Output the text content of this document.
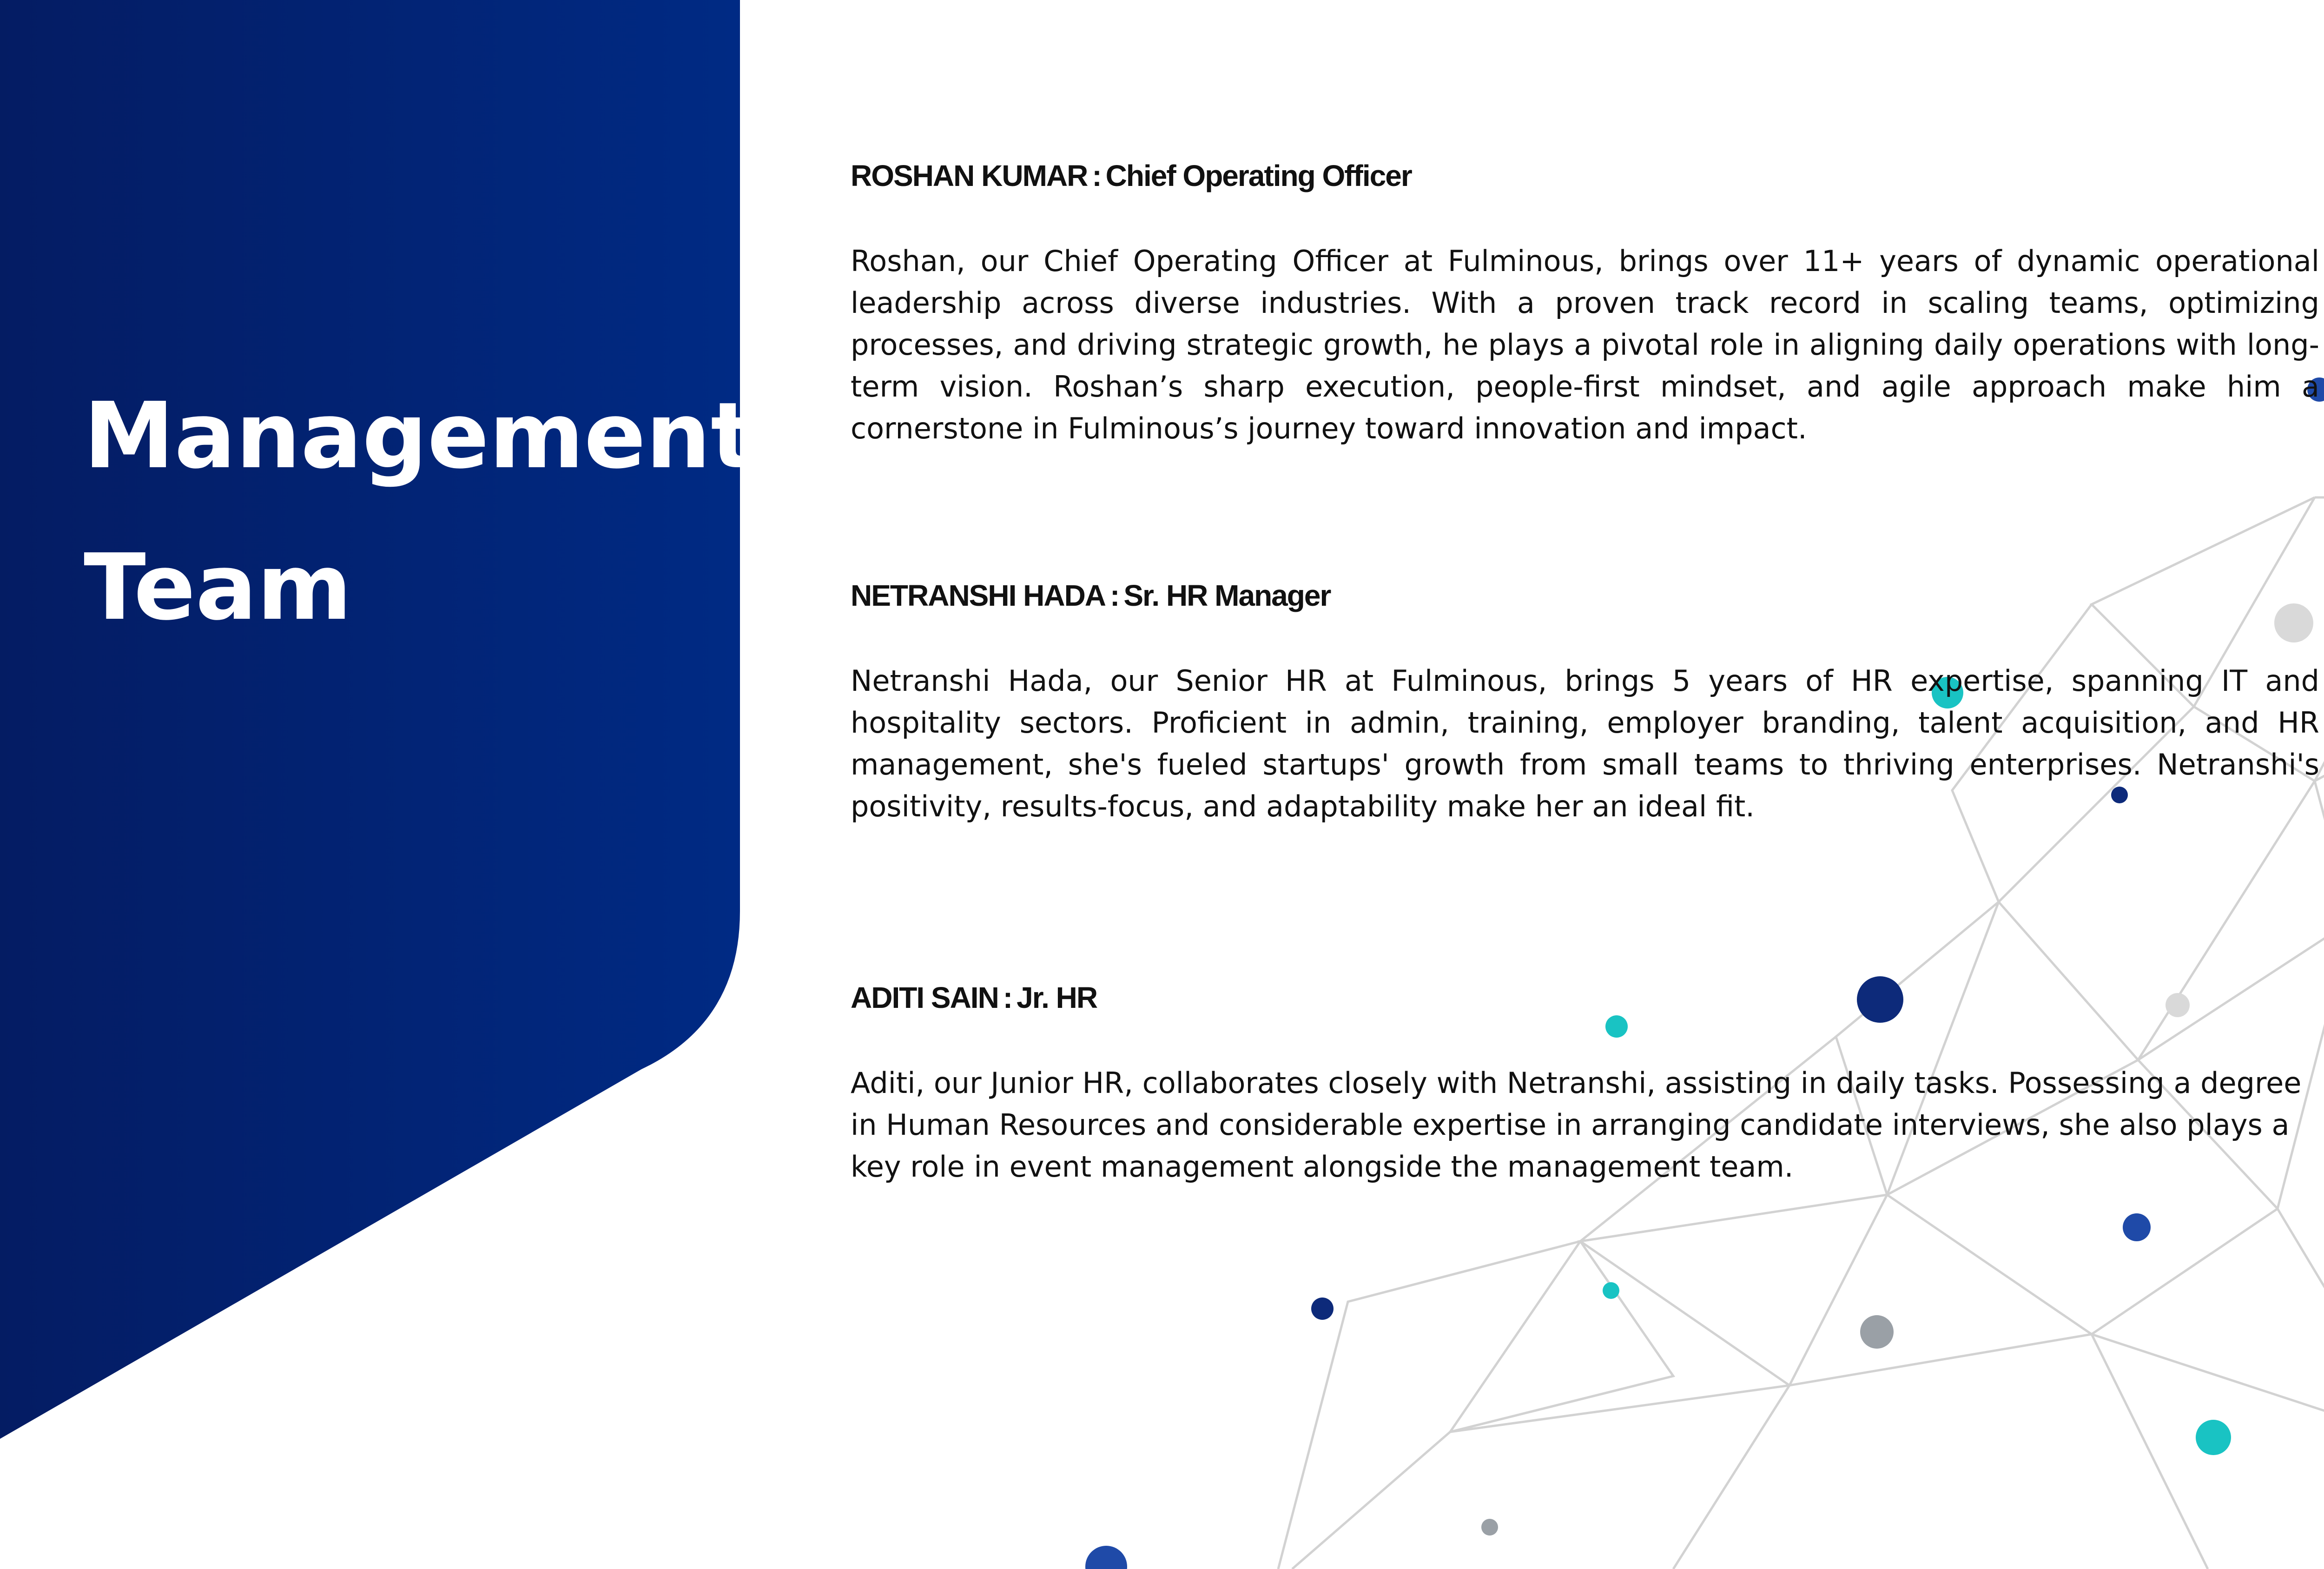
Management
Team
ROSHAN KUMAR : Chief Operating Officer
Roshan, our Chief Operating Officer at Fulminous, brings over 11+ years of dynamic operational leadership across diverse industries. With a proven track record in scaling teams, optimizing processes, and driving strategic growth, he plays a pivotal role in aligning daily operations with long-term vision. Roshan’s sharp execution, people-first mindset, and agile approach make him a cornerstone in Fulminous’s journey toward innovation and impact.
NETRANSHI HADA : Sr. HR Manager
Netranshi Hada, our Senior HR at Fulminous, brings 5 years of HR expertise, spanning IT and hospitality sectors. Proficient in admin, training, employer branding, talent acquisition, and HR management, she's fueled startups' growth from small teams to thriving enterprises. Netranshi's positivity, results-focus, and adaptability make her an ideal fit.
ADITI SAIN : Jr. HR
Aditi, our Junior HR, collaborates closely with Netranshi, assisting in daily tasks. Possessing a degree in Human Resources and considerable expertise in arranging candidate interviews, she also plays a key role in event management alongside the management team.
